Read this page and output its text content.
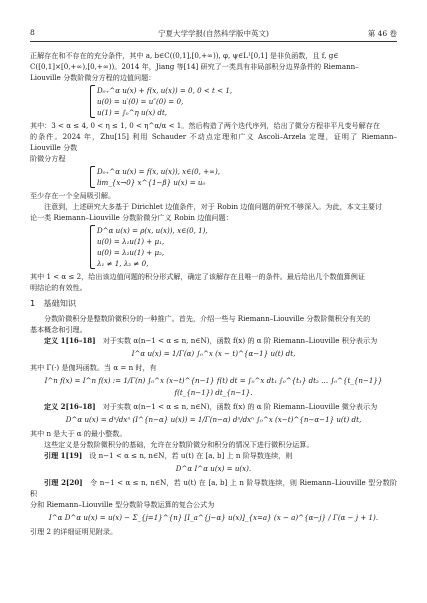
8	宁夏大学学报(自然科学版中英文)	第 46 卷

正解存在和不存在的充分条件，其中 a, b∈C((0,1],[0,+∞)), φ, ψ∈L¹[0,1] 是非负函数，且 f, g∈
C([0,1]×[0,+∞),[0,+∞))。2014 年，Jiang 等[14] 研究了一类具有非局部积分边界条件的 Riemann–
Liouville 分数阶微分方程的边值问题：

D₀₊^α u(x) + f(x, u(x)) = 0, 0 < t < 1,
u(0) = u′(0) = u″(0) = 0,
u(1) = ∫₀^η u(x) dt,

其中：3 < α ≤ 4, 0 < η ≤ 1, 0 < η^α/α < 1。然后构造了两个迭代序列，给出了微分方程非平凡变号解存在
的条件。2024 年，Zhu[15] 利用 Schauder 不动点定理和广义 Ascoli–Arzela 定理，证明了 Riemann–Liouville 分数
阶微分方程

D₀₊^α u(x) = f(x, u(x)), x∈(0, +∞),
lim_{x→0} x^{1−β} u(x) = u₀

至少存在一个全局吸引解。

注意到，上述研究大多基于 Dirichlet 边值条件，对于 Robin 边值问题的研究不够深入。为此，本文主要讨
论一类 Riemann–Liouville 分数阶微分广义 Robin 边值问题：

D^α u(x) = ρ(x, u(x)), x∈(0, 1),
u(0) = λ₁u(1) + μ₁,
u(0) = λ₂u(1) + μ₂,
λ₁ ≠ 1, λ₂ ≠ 0,

其中 1 < α ≤ 2，给出该边值问题的积分形式解，确定了该解存在且唯一的条件。最后给出几个数值算例证
明结论的有效性。

1　基础知识

分数阶微积分是整数阶微积分的一种推广。首先，介绍一些与 Riemann–Liouville 分数阶微积分有关的
基本概念和引理。

定义 1[16–18]　对于实数 α(n−1 < α ≤ n, n∈N)，函数 f(x) 的 α 阶 Riemann–Liouville 积分表示为

I^α u(x) = 1/Γ(α) ∫₀^x (x − t)^{α−1} u(t) dt,

其中 Γ(·) 是伽玛函数。当 α = n 时，有

I^n f(x) = I^n f(x) := 1/Γ(n) ∫₀^x (x−t)^{n−1} f(t) dt = ∫₀^x dt₁ ∫₀^{t₁} dt₂ … ∫₀^{t_{n−1}} f(t_{n−1}) dt_{n−1}.

定义 2[16–18]　对于实数 α(n−1 < α ≤ n, n∈N)，函数 f(x) 的 α 阶 Riemann–Liouville 微分表示为

D^α u(x) = dⁿ/dxⁿ (I^{n−α} u(x)) = 1/Γ(n−α) dⁿ/dxⁿ ∫₀^x (x−t)^{n−α−1} u(t) dt,

其中 n 是大于 α 的最小整数。

这些定义是分数阶微积分的基础，允许在分数阶微分和积分的情况下进行微积分运算。

引理 1[19]　设 n−1 < α ≤ n, n∈N，若 u(t) 在 [a, b] 上 n 阶导数连续，则

D^α I^α u(x) = u(x).

引理 2[20]　令 n−1 < α ≤ n, n∈N，若 u(t) 在 [a, b] 上 n 阶导数连续，则 Riemann–Liouville 型分数阶积
分和 Riemann–Liouville 型分数阶导数运算的复合公式为

I^α D^α u(x) = u(x) − Σ_{j=1}^{n} [I_a^{j−α} u(x)]_{x=a} (x − a)^{α−j} / Γ(α − j + 1).

引理 2 的详细证明见附录。
